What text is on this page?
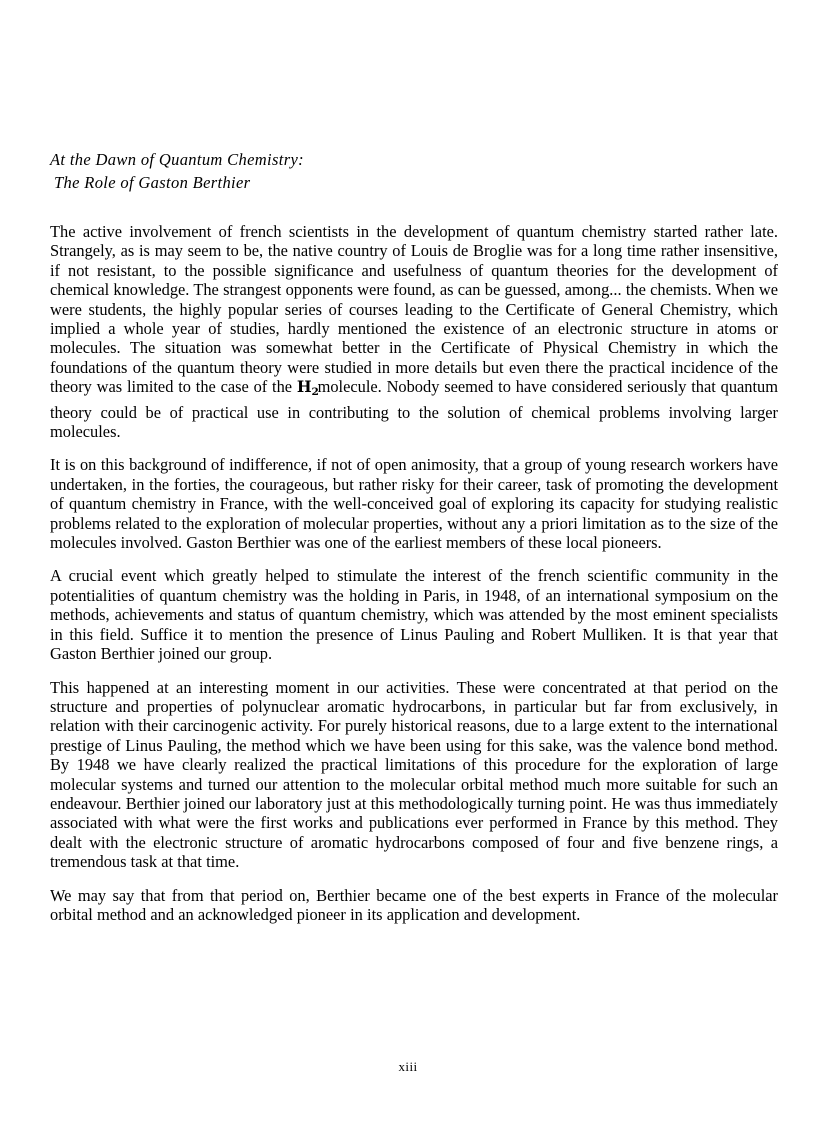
At the Dawn of Quantum Chemistry:
The Role of Gaston Berthier

The active involvement of french scientists in the development of quantum chemistry started rather late. Strangely, as is may seem to be, the native country of Louis de Broglie was for a long time rather insensitive, if not resistant, to the possible significance and usefulness of quantum theories for the development of chemical knowledge. The strangest opponents were found, as can be guessed, among... the chemists. When we were students, the highly popular series of courses leading to the Certificate of General Chemistry, which implied a whole year of studies, hardly mentioned the existence of an electronic structure in atoms or molecules. The situation was somewhat better in the Certificate of Physical Chemistry in which the foundations of the quantum theory were studied in more details but even there the practical incidence of the theory was limited to the case of the $H_2molecule$. Nobody seemed to have considered seriously that quantum theory could be of practical use in contributing to the solution of chemical problems involving larger molecules.

It is on this background of indifference, if not of open animosity, that a group of young research workers have undertaken, in the forties, the courageous, but rather risky for their career, task of promoting the development of quantum chemistry in France, with the well-conceived goal of exploring its capacity for studying realistic problems related to the exploration of molecular properties, without any a priori limitation as to the size of the molecules involved. Gaston Berthier was one of the earliest members of these local pioneers.

A crucial event which greatly helped to stimulate the interest of the french scientific community in the potentialities of quantum chemistry was the holding in Paris, in 1948, of an international symposium on the methods, achievements and status of quantum chemistry, which was attended by the most eminent specialists in this field. Suffice it to mention the presence of Linus Pauling and Robert Mulliken. It is that year that Gaston Berthier joined our group.

This happened at an interesting moment in our activities. These were concentrated at that period on the structure and properties of polynuclear aromatic hydrocarbons, in particular but far from exclusively, in relation with their carcinogenic activity. For purely historical reasons, due to a large extent to the international prestige of Linus Pauling, the method which we have been using for this sake, was the valence bond method. By 1948 we have clearly realized the practical limitations of this procedure for the exploration of large molecular systems and turned our attention to the molecular orbital method much more suitable for such an endeavour. Berthier joined our laboratory just at this methodologically turning point. He was thus immediately associated with what were the first works and publications ever performed in France by this method. They dealt with the electronic structure of aromatic hydrocarbons composed of four and five benzene rings, a tremendous task at that time.

We may say that from that period on, Berthier became one of the best experts in France of the molecular orbital method and an acknowledged pioneer in its application and development.

xiii
